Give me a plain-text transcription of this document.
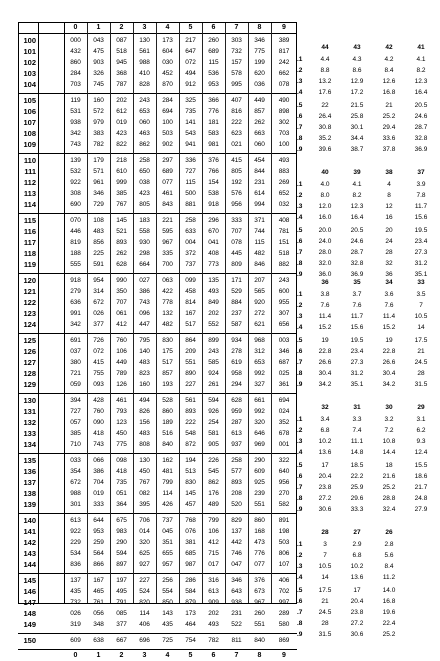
0	1	2	3	4	5	6	7	8	9
100	000	043	087	130	173	217	260	303	346	389
101	432	475	518	561	604	647	689	732	775	817
102	860	903	945	988	030	072	115	157	199	242
103	284	326	368	410	452	494	536	578	620	662
104	703	745	787	828	870	912	953	995	036	078
105	119	160	202	243	284	325	366	407	449	490
106	531	572	612	653	694	735	776	816	857	898
107	938	979	019	060	100	141	181	222	262	302
108	342	383	423	463	503	543	583	623	663	703
109	743	782	822	862	902	941	981	021	060	100
110	139	179	218	258	297	336	376	415	454	493
111	532	571	610	650	689	727	766	805	844	883
112	922	961	999	038	077	115	154	192	231	269
113	308	346	385	423	461	500	538	576	614	652
114	690	729	767	805	843	881	918	956	994	032
115	070	108	145	183	221	258	296	333	371	408
116	446	483	521	558	595	633	670	707	744	781
117	819	856	893	930	967	004	041	078	115	151
118	188	225	262	298	335	372	408	445	482	518
119	555	591	628	664	700	737	773	809	846	882
120	918	954	990	027	063	099	135	171	207	243
121	279	314	350	386	422	458	493	529	565	600
122	636	672	707	743	778	814	849	884	920	955
123	991	026	061	096	132	167	202	237	272	307
124	342	377	412	447	482	517	552	587	621	656
125	691	726	760	795	830	864	899	934	968	003
126	037	072	106	140	175	209	243	278	312	346
127	380	415	449	483	517	551	585	619	653	687
128	721	755	789	823	857	890	924	958	992	025
129	059	093	126	160	193	227	261	294	327	361
130	394	428	461	494	528	561	594	628	661	694
131	727	760	793	826	860	893	926	959	992	024
132	057	090	123	156	189	222	254	287	320	352
133	385	418	450	483	516	548	581	613	646	678
134	710	743	775	808	840	872	905	937	969	001
135	033	066	098	130	162	194	226	258	290	322
136	354	386	418	450	481	513	545	577	609	640
137	672	704	735	767	799	830	862	893	925	956
138	988	019	051	082	114	145	176	208	239	270
139	301	333	364	395	426	457	489	520	551	582
140	613	644	675	706	737	768	799	829	860	891
141	922	953	983	014	045	076	106	137	168	198
142	229	259	290	320	351	381	412	442	473	503
143	534	564	594	625	655	685	715	746	776	806
144	836	866	897	927	957	987	017	047	077	107
145	137	167	197	227	256	286	316	346	376	406
146	435	465	495	524	554	584	613	643	673	702
147	732	761	791	820	850	879	909	938	967	997
148	026	056	085	114	143	173	202	231	260	289
149	319	348	377	406	435	464	493	522	551	580
150	609	638	667	696	725	754	782	811	840	869
0	1	2	3	4	5	6	7	8	9
44	43	42	41
.1	4.4	4.3	4.2	4.1
.2	8.8	8.6	8.4	8.2
.3	13.2	12.9	12.6	12.3
.4	17.6	17.2	16.8	16.4
.5	22	21.5	21	20.5
.6	26.4	25.8	25.2	24.6
.7	30.8	30.1	29.4	28.7
.8	35.2	34.4	33.6	32.8
.9	39.6	38.7	37.8	36.9
40	39	38	37
.1	4.0	4.1	4	3.9
.2	8.0	8.2	8	7.8
.3	12.0	12.3	12	11.7
.4	16.0	16.4	16	15.6
.5	20.0	20.5	20	19.5
.6	24.0	24.6	24	23.4
.7	28.0	28.7	28	27.3
.8	32.0	32.8	32	31.2
.9	36.0	36.9	36	35.1
36	35	34	33
.1	3.8	3.7	3.6	3.5
.2	7.6	7.6	7.6	7
.3	11.4	11.7	11.4	10.5
.4	15.2	15.6	15.2	14
.5	19	19.5	19	17.5
.6	22.8	23.4	22.8	21
.7	26.6	27.3	26.6	24.5
.8	30.4	31.2	30.4	28
.9	34.2	35.1	34.2	31.5
32	31	30	29
.1	3.4	3.3	3.2	3.1
.2	6.8	7.4	7.2	6.2
.3	10.2	11.1	10.8	9.3
.4	13.6	14.8	14.4	12.4
.5	17	18.5	18	15.5
.6	20.4	22.2	21.6	18.6
.7	23.8	25.9	25.2	21.7
.8	27.2	29.6	28.8	24.8
.9	30.6	33.3	32.4	27.9
28	27	26
.1	3	2.9	2.8
.2	7	6.8	5.6
.3	10.5	10.2	8.4
.4	14	13.6	11.2
.5	17.5	17	14.0
.6	21	20.4	16.8
.7	24.5	23.8	19.6
.8	28	27.2	22.4
.9	31.5	30.6	25.2
